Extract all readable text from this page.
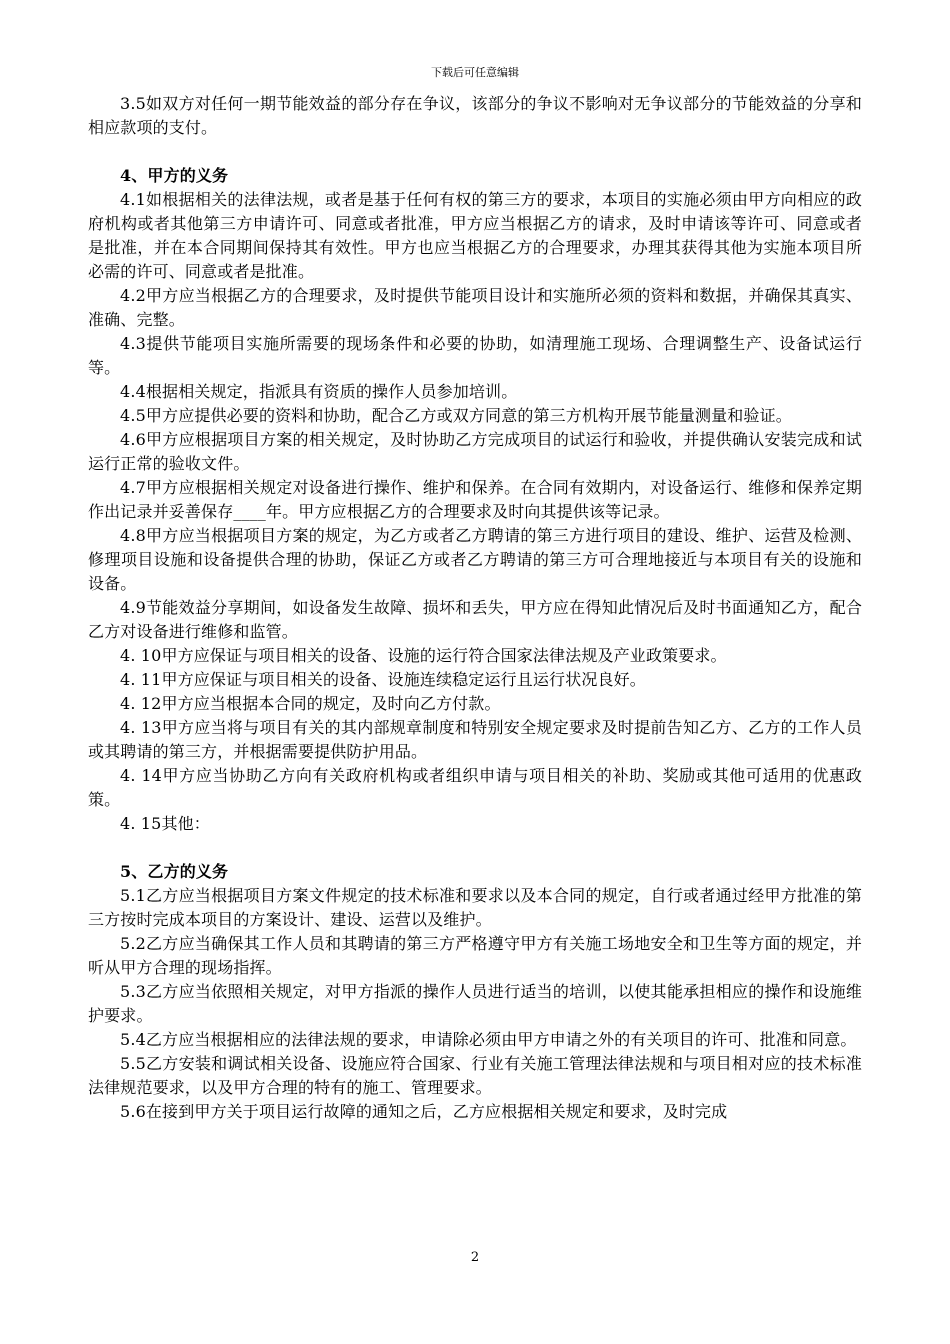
下载后可任意编辑

3.5如双方对任何一期节能效益的部分存在争议，该部分的争议不影响对无争议部分的节能效益的分享和相应款项的支付。

4、甲方的义务

4.1如根据相关的法律法规，或者是基于任何有权的第三方的要求，本项目的实施必须由甲方向相应的政府机构或者其他第三方申请许可、同意或者批准，甲方应当根据乙方的请求，及时申请该等许可、同意或者是批准，并在本合同期间保持其有效性。甲方也应当根据乙方的合理要求，办理其获得其他为实施本项目所必需的许可、同意或者是批准。

4.2甲方应当根据乙方的合理要求，及时提供节能项目设计和实施所必须的资料和数据，并确保其真实、准确、完整。

4.3提供节能项目实施所需要的现场条件和必要的协助，如清理施工现场、合理调整生产、设备试运行等。

4.4根据相关规定，指派具有资质的操作人员参加培训。

4.5甲方应提供必要的资料和协助，配合乙方或双方同意的第三方机构开展节能量测量和验证。

4.6甲方应根据项目方案的相关规定，及时协助乙方完成项目的试运行和验收，并提供确认安装完成和试运行正常的验收文件。

4.7甲方应根据相关规定对设备进行操作、维护和保养。在合同有效期内，对设备运行、维修和保养定期作出记录并妥善保存____年。甲方应根据乙方的合理要求及时向其提供该等记录。

4.8甲方应当根据项目方案的规定，为乙方或者乙方聘请的第三方进行项目的建设、维护、运营及检测、修理项目设施和设备提供合理的协助，保证乙方或者乙方聘请的第三方可合理地接近与本项目有关的设施和设备。

4.9节能效益分享期间，如设备发生故障、损坏和丢失，甲方应在得知此情况后及时书面通知乙方，配合乙方对设备进行维修和监管。

4. 10甲方应保证与项目相关的设备、设施的运行符合国家法律法规及产业政策要求。

4. 11甲方应保证与项目相关的设备、设施连续稳定运行且运行状况良好。

4. 12甲方应当根据本合同的规定，及时向乙方付款。

4. 13甲方应当将与项目有关的其内部规章制度和特别安全规定要求及时提前告知乙方、乙方的工作人员或其聘请的第三方，并根据需要提供防护用品。

4. 14甲方应当协助乙方向有关政府机构或者组织申请与项目相关的补助、奖励或其他可适用的优惠政策。

4. 15其他：

5、乙方的义务

5.1乙方应当根据项目方案文件规定的技术标准和要求以及本合同的规定，自行或者通过经甲方批准的第三方按时完成本项目的方案设计、建设、运营以及维护。

5.2乙方应当确保其工作人员和其聘请的第三方严格遵守甲方有关施工场地安全和卫生等方面的规定，并听从甲方合理的现场指挥。

5.3乙方应当依照相关规定，对甲方指派的操作人员进行适当的培训，以使其能承担相应的操作和设施维护要求。

5.4乙方应当根据相应的法律法规的要求，申请除必须由甲方申请之外的有关项目的许可、批准和同意。

5.5乙方安装和调试相关设备、设施应符合国家、行业有关施工管理法律法规和与项目相对应的技术标准法律规范要求，以及甲方合理的特有的施工、管理要求。

5.6在接到甲方关于项目运行故障的通知之后，乙方应根据相关规定和要求，及时完成

2
